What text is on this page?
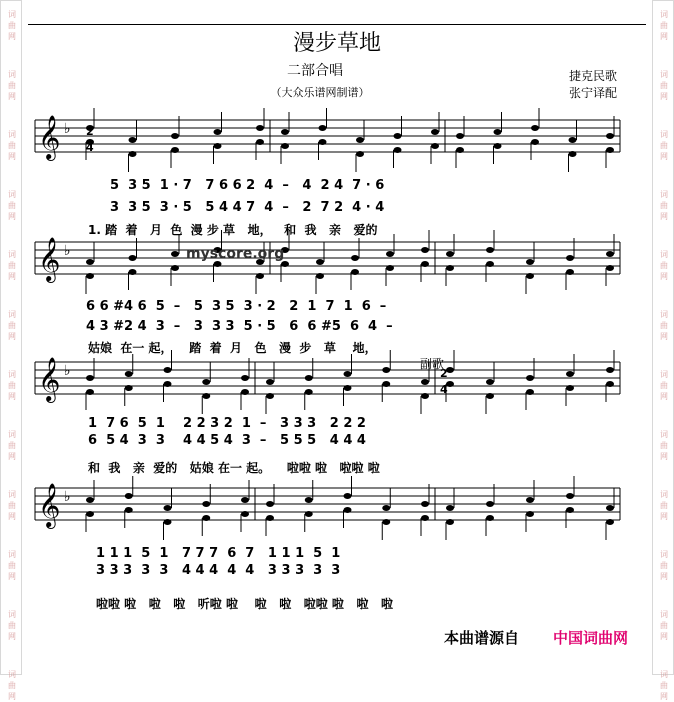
词
曲
网
词
曲
网
词
曲
网
词
曲
网
词
曲
网
词
曲
网
词
曲
网
词
曲
网
词
曲
网
词
曲
网
词
曲
网
词
曲
网
词
曲
网
词
曲
网
词
曲
网
词
曲
网
词
曲
网
词
曲
网
词
曲
网
词
曲
网
词
曲
网
词
曲
网
词
曲
网
词
曲
网
漫步草地
二部合唱
（大众乐谱网制谱）
捷克民歌
张宁译配
𝄞 ♭
𝄞 ♭
𝄞 ♭
𝄞 ♭
2
4
2
4
myscore.org
副歌
5  3 5  1 · 7   7 6 6 2  4  –   4  2 4  7 · 6
3  3 5  3 · 5   5 4 4 7  4  –   2  7 2  4 · 4
1. 踏  着   月  色  漫 步 草   地，   和  我   亲   爱的
6 6 #4 6  5  –   5  3 5  3 · 2   2  1  7  1  6  –
4 3 #2 4  3  –   3  3 3  5 · 5   6  6 #5  6  4  –
姑娘  在一 起，    踏  着  月   色   漫  步   草    地，
1  7 6  5  1    2 2 3 2  1  –   3 3 3   2 2 2
6  5 4  3  3    4 4 5 4  3  –   5 5 5   4 4 4
和  我   亲  爱的   姑娘 在一 起。    啦啦 啦   啦啦 啦
1 1 1  5  1   7 7 7  6  7   1 1 1  5  1
3 3 3  3  3   4 4 4  4  4   3 3 3  3  3
啦啦 啦   啦   啦   听啦 啦    啦   啦   啦啦 啦   啦   啦
本曲谱源自 中国词曲网
